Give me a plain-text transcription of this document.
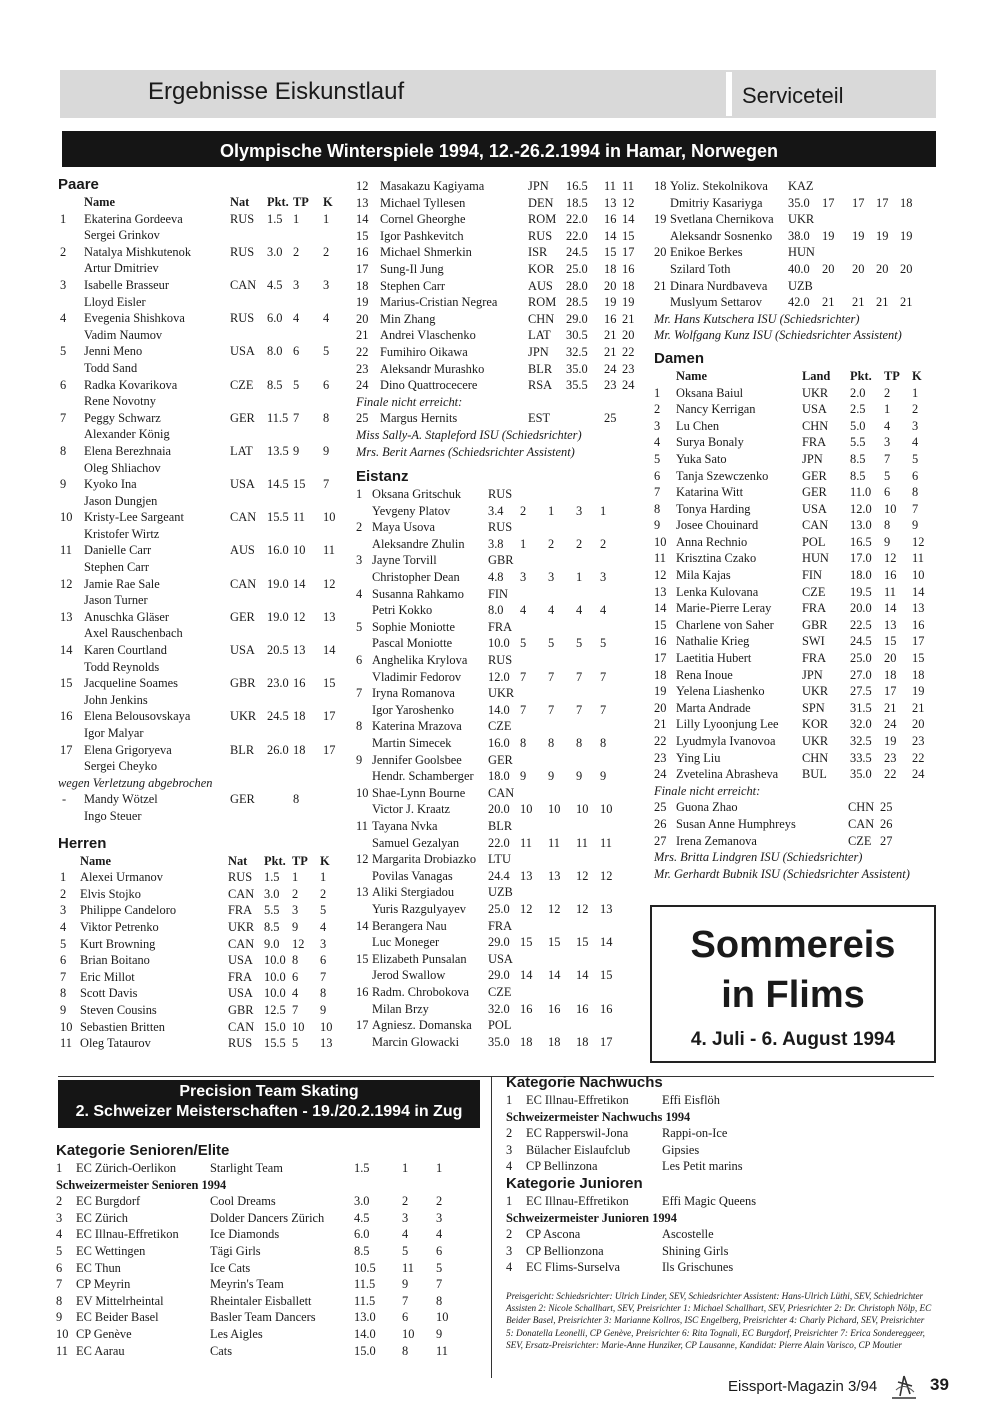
Ergebnisse Eiskunstlauf	Serviceteil
Olympische Winterspiele 1994, 12.-26.2.1994 in Hamar, Norwegen
Paare
Name	Nat Pkt. TP K
1 Ekaterina Gordeeva	RUS 1.5 1 1
Sergei Grinkov
2 Natalya Mishkutenok	RUS 3.0 2 2
Artur Dmitriev
3 Isabelle Brasseur	CAN 4.5 3 3
Lloyd Eisler
4 Evegenia Shishkova	RUS 6.0 4 4
Vadim Naumov
5 Jenni Meno	USA 8.0 6 5
Todd Sand
6 Radka Kovarikova	CZE 8.5 5 6
Rene Novotny
7 Peggy Schwarz	GER 11.5 7 8
Alexander König
8 Elena Berezhnaia	LAT 13.5 9 9
Oleg Shliachov
9 Kyoko Ina	USA 14.5 15 7
Jason Dungjen
10 Kristy-Lee Sargeant	CAN 15.5 11 10
Kristofer Wirtz
11 Danielle Carr	AUS 16.0 10 11
Stephen Carr
12 Jamie Rae Sale	CAN 19.0 14 12
Jason Turner
13 Anuschka Gläser	GER 19.0 12 13
Axel Rauschenbach
14 Karen Courtland	USA 20.5 13 14
Todd Reynolds
15 Jacqueline Soames	GBR 23.0 16 15
John Jenkins
16 Elena Belousovskaya	UKR 24.5 18 17
Igor Malyar
17 Elena Grigoryeva	BLR 26.0 18 17
Sergei Cheyko
wegen Verletzung abgebrochen
- Mandy Wötzel	GER	8
Ingo Steuer
Herren
Name	Nat Pkt. TP K
1 Alexei Urmanov	RUS 1.5 1 1
2 Elvis Stojko	CAN 3.0 2 2
3 Philippe Candeloro	FRA 5.5 3 5
4 Viktor Petrenko	UKR 8.5 9 4
5 Kurt Browning	CAN 9.0 12 3
6 Brian Boitano	USA 10.0 8 6
7 Eric Millot	FRA 10.0 6 7
8 Scott Davis	USA 10.0 4 8
9 Steven Cousins	GBR 12.5 7 9
10 Sebastien Britten	CAN 15.0 10 10
11 Oleg Tataurov	RUS 15.5 5 13
12 Masakazu Kagiyama	JPN 16.5 11 11
13 Michael Tyllesen	DEN 18.5 13 12
14 Cornel Gheorghe	ROM 22.0 16 14
15 Igor Pashkevitch	RUS 22.0 14 15
16 Michael Shmerkin	ISR 24.5 15 17
17 Sung-Il Jung	KOR 25.0 18 16
18 Stephen Carr	AUS 28.0 20 18
19 Marius-Cristian Negrea ROM 28.5 19 19
20 Min Zhang	CHN 29.0 16 21
21 Andrei Vlaschenko	LAT 30.5 21 20
22 Fumihiro Oikawa	JPN 32.5 21 22
23 Aleksandr Murashko	BLR 35.0 24 23
24 Dino Quattrocecere	RSA 35.5 23 24
Finale nicht erreicht:
25 Margus Hernits	EST	25
Miss Sally-A. Stapleford ISU (Schiedsrichter)
Mrs. Berit Aarnes (Schiedsrichter Assistent)
Eistanz
1 Oksana Gritschuk RUS
Yevgeny Platov	3.4 2 1 3 1
2 Maya Usova	RUS
Aleksandre Zhulin 3.8 1 2 2 2
3 Jayne Torvill	GBR
Christopher Dean 4.8 3 3 1 3
4 Susanna Rahkamo FIN
Petri Kokko	8.0 4 4 4 4
5 Sophie Moniotte	FRA
Pascal Moniotte	10.0 5 5 5 5
6 Anghelika Krylova RUS
Vladimir Fedorov 12.0 7 7 7 7
7 Iryna Romanova	UKR
Igor Yaroshenko	14.0 7 7 7 7
8 Katerina Mrazova CZE
Martin Simecek	16.0 8 8 8 8
9 Jennifer Goolsbee GER
Hendr. Schamberger 18.0 9 9 9 9
10 Shae-Lynn Bourne CAN
Victor J. Kraatz	20.0 10 10 10 10
11 Tayana Nvka	BLR
Samuel Gezalyan 22.0 11 11 11 11
12 Margarita Drobiazko LTU
Povilas Vanagas	24.4 13 13 12 12
13 Aliki Stergiadou	UZB
Yuris Razgulyayev 25.0 12 12 12 13
14 Berangera Nau	FRA
Luc Moneger	29.0 15 15 15 14
15 Elizabeth Punsalan USA
Jerod Swallow	29.0 14 14 14 15
16 Radm. Chrobokova CZE
Milan Brzy	32.0 16 16 16 16
17 Agniesz. Domanska POL
Marcin Glowacki 35.0 18 18 18 17
18 Yoliz. Stekolnikova KAZ
Dmitriy Kasariyga 35.0 17 17 17 18
19 Svetlana Chernikova UKR
Aleksandr Sosnenko 38.0 19 19 19 19
20 Enikoe Berkes	HUN
Szilard Toth	40.0 20 20 20 20
21 Dinara Nurdbaveva UZB
Muslyum Settarov 42.0 21 21 21 21
Mr. Hans Kutschera ISU (Schiedsrichter)
Mr. Wolfgang Kunz ISU (Schiedsrichter Assistent)
Damen
Name	Land Pkt. TP K
1 Oksana Baiul	UKR 2.0 2 1
2 Nancy Kerrigan	USA 2.5 1 2
3 Lu Chen	CHN 5.0 4 3
4 Surya Bonaly	FRA 5.5 3 4
5 Yuka Sato	JPN 8.5 7 5
6 Tanja Szewczenko	GER 8.5 5 6
7 Katarina Witt	GER 11.0 6 8
8 Tonya Harding	USA 12.0 10 7
9 Josee Chouinard	CAN 13.0 8 9
10 Anna Rechnio	POL 16.5 9 12
11 Krisztina Czako	HUN 17.0 12 11
12 Mila Kajas	FIN 18.0 16 10
13 Lenka Kulovana	CZE 19.5 11 14
14 Marie-Pierre Leray FRA 20.0 14 13
15 Charlene von Saher GBR 22.5 13 16
16 Nathalie Krieg	SWI 24.5 15 17
17 Laetitia Hubert	FRA 25.0 20 15
18 Rena Inoue	JPN 27.0 18 18
19 Yelena Liashenko	UKR 27.5 17 19
20 Marta Andrade	SPN 31.5 21 21
21 Lilly Lyoonjung Lee KOR 32.0 24 20
22 Lyudmyla Ivanovoa UKR 32.5 19 23
23 Ying Liu	CHN 33.5 23 22
24 Zvetelina Abrasheva BUL 35.0 22 24
Finale nicht erreicht:
25 Guona Zhao	CHN 25
26 Susan Anne Humphreys	CAN 26
27 Irena Zemanova	CZE 27
Mrs. Britta Lindgren ISU (Schiedsrichter)
Mr. Gerhardt Bubnik ISU (Schiedsrichter Assistent)
Sommereis
in Flims
4. Juli - 6. August 1994
Precision Team Skating
2. Schweizer Meisterschaften - 19./20.2.1994 in Zug
Kategorie Senioren/Elite
1 EC Zürich-Oerlikon	Starlight Team	1.5	1 1
Schweizermeister Senioren 1994
2 EC Burgdorf	Cool Dreams	3.0	2 2
3 EC Zürich	Dolder Dancers Zürich 4.5	3 3
4 EC Illnau-Effretikon	Ice Diamonds	6.0	4 4
5 EC Wettingen	Tägi Girls	8.5	5 6
6 EC Thun	Ice Cats	10.5 11 5
7 CP Meyrin	Meyrin's Team	11.5 9 7
8 EV Mittelrheintal	Rheintaler Eisballett	11.5 7 8
9 EC Beider Basel	Basler Team Dancers	13.0 6 10
10 CP Genève	Les Aigles	14.0 10 9
11 EC Aarau	Cats	15.0 8 11
Kategorie Nachwuchs
1 EC Illnau-Effretikon	Effi Eisflöh
Schweizermeister Nachwuchs 1994
2 EC Rapperswil-Jona	Rappi-on-Ice
3 Bülacher Eislaufclub	Gipsies
4 CP Bellinzona	Les Petit marins
Kategorie Junioren
1 EC Illnau-Effretikon	Effi Magic Queens
Schweizermeister Junioren 1994
2 CP Ascona	Ascostelle
3 CP Bellionzona	Shining Girls
4 EC Flims-Surselva	Ils Grischunes
Preisgericht: Schiedsrichter: Ulrich Linder, SEV, Schiedsrichter Assistent: Hans-Ulrich Lüthi, SEV, Schiedrichter Assisten 2: Nicole Schallhart, SEV, Preisrichter 1: Michael Schallhart, SEV, Priesrichter 2: Dr. Christoph Nölp, EC Beider Basel, Preisrichter 3: Marianne Kollros, ISC Engelberg, Preisrichter 4: Charly Pichard, SEV, Preisrichter 5: Donatella Leonelli, CP Genève, Preisrichter 6: Rita Tognali, EC Burgdorf, Preisrichter 7: Erica Sondereggeer, SEV, Ersatz-Preisrichter: Marie-Anne Hunziker, CP Lausanne, Kandidat: Pierre Alain Varisco, CP Moutier
Eissport-Magazin 3/94	39
